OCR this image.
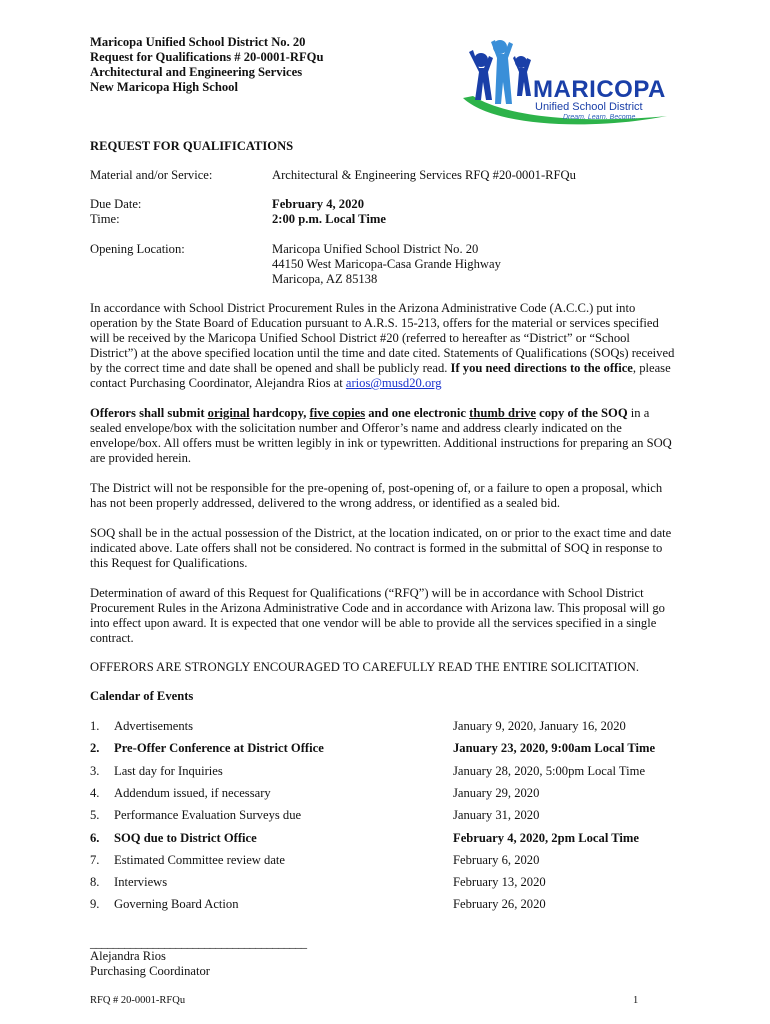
Maricopa Unified School District No. 20
Request for Qualifications # 20-0001-RFQu
Architectural and Engineering Services
New Maricopa High School	MARICOPA
Unified School District
Dream. Learn. Become.
REQUEST FOR QUALIFICATIONS
Material and/or Service:	Architectural & Engineering Services RFQ #20-0001-RFQu
Due Date:	February 4, 2020
Time:	2:00 p.m. Local Time
Opening Location:	Maricopa Unified School District No. 20
44150 West Maricopa-Casa Grande Highway
Maricopa, AZ 85138
In accordance with School District Procurement Rules in the Arizona Administrative Code (A.C.C.) put into
operation by the State Board of Education pursuant to A.R.S. 15-213, offers for the material or services specified
will be received by the Maricopa Unified School District #20 (referred to hereafter as “District” or “School
District”) at the above specified location until the time and date cited. Statements of Qualifications (SOQs) received
by the correct time and date shall be opened and shall be publicly read. If you need directions to the office, please
contact Purchasing Coordinator, Alejandra Rios at arios@musd20.org
Offerors shall submit original hardcopy, five copies and one electronic thumb drive copy of the SOQ in a
sealed envelope/box with the solicitation number and Offeror’s name and address clearly indicated on the
envelope/box. All offers must be written legibly in ink or typewritten. Additional instructions for preparing an SOQ
are provided herein.
The District will not be responsible for the pre-opening of, post-opening of, or a failure to open a proposal, which
has not been properly addressed, delivered to the wrong address, or identified as a sealed bid.
SOQ shall be in the actual possession of the District, at the location indicated, on or prior to the exact time and date
indicated above. Late offers shall not be considered. No contract is formed in the submittal of SOQ in response to
this Request for Qualifications.
Determination of award of this Request for Qualifications (“RFQ”) will be in accordance with School District
Procurement Rules in the Arizona Administrative Code and in accordance with Arizona law. This proposal will go
into effect upon award. It is expected that one vendor will be able to provide all the services specified in a single
contract.
OFFERORS ARE STRONGLY ENCOURAGED TO CAREFULLY READ THE ENTIRE SOLICITATION.
Calendar of Events
1.	Advertisements	January 9, 2020, January 16, 2020
2.	Pre-Offer Conference at District Office	January 23, 2020, 9:00am Local Time
3.	Last day for Inquiries	January 28, 2020, 5:00pm Local Time
4.	Addendum issued, if necessary	January 29, 2020
5.	Performance Evaluation Surveys due	January 31, 2020
6.	SOQ due to District Office	February 4, 2020, 2pm Local Time
7.	Estimated Committee review date	February 6, 2020
8.	Interviews	February 13, 2020
9.	Governing Board Action	February 26, 2020
______________________________________
Alejandra Rios
Purchasing Coordinator
RFQ # 20-0001-RFQu	1
